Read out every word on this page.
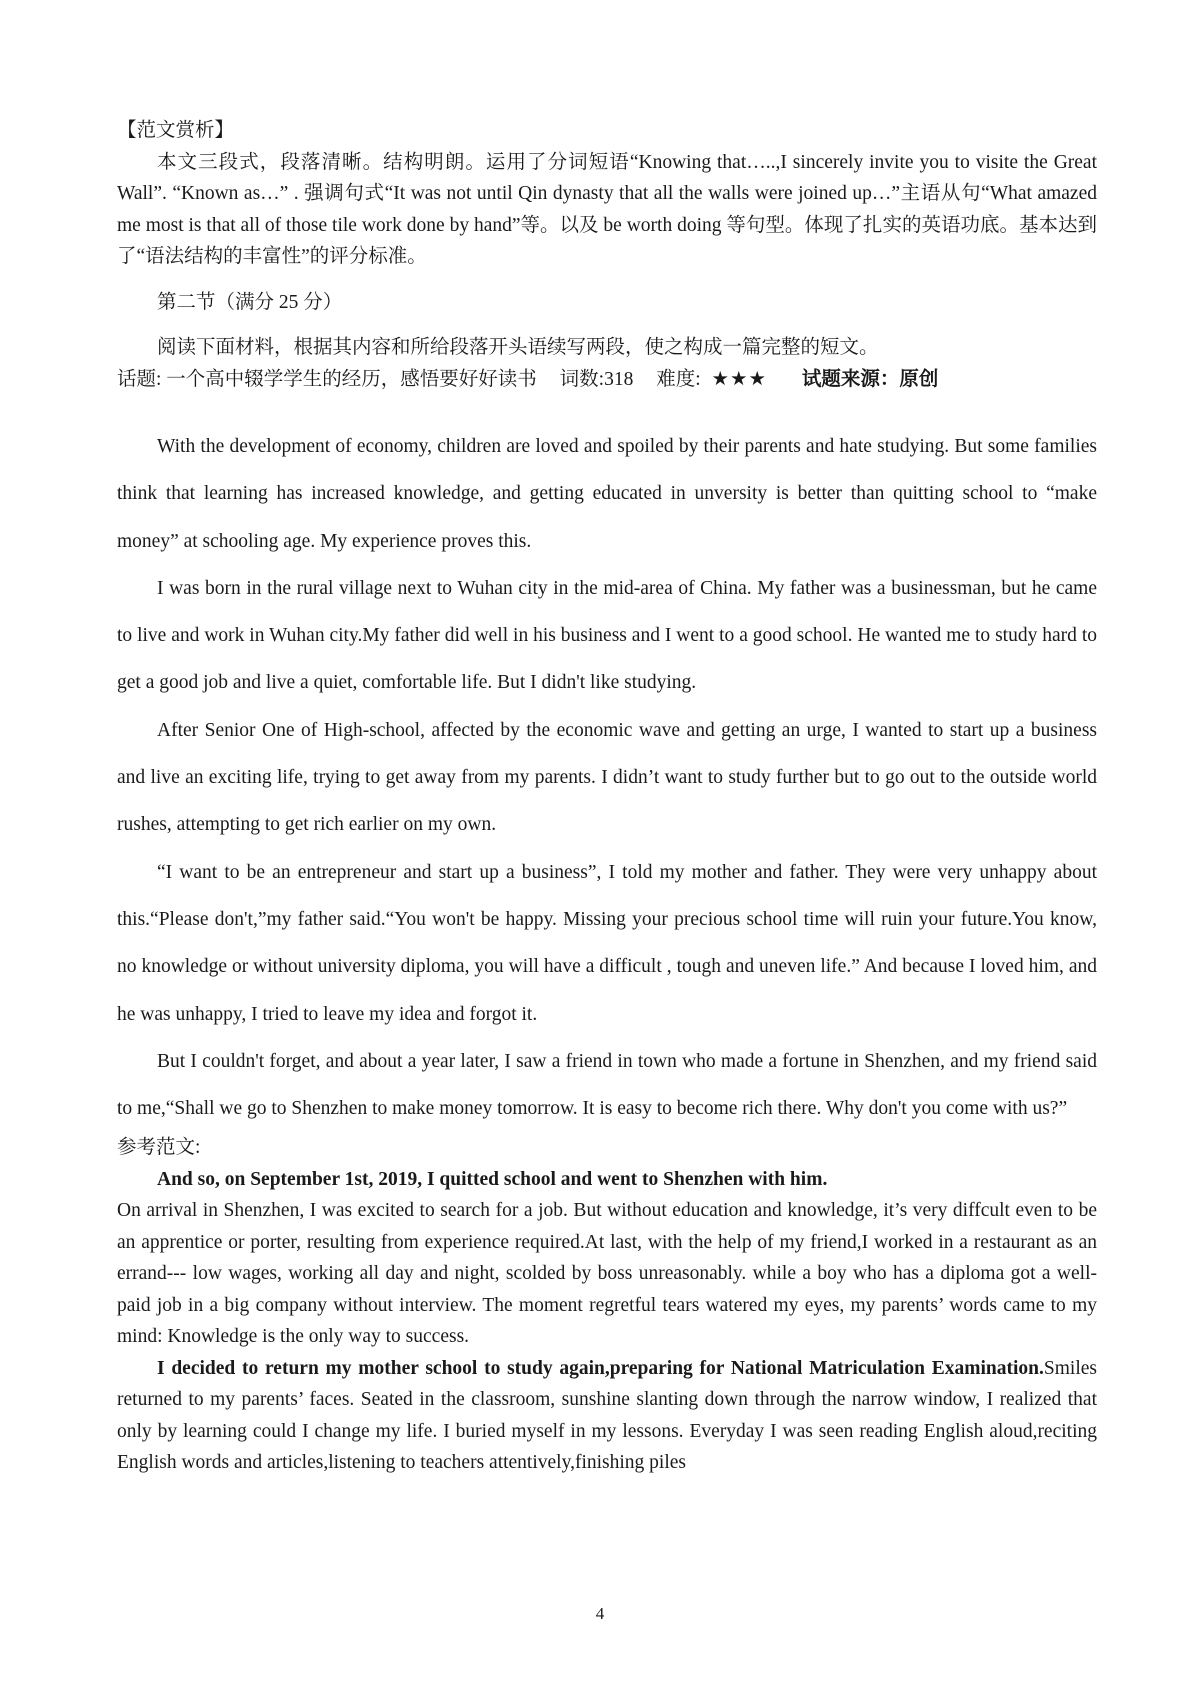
【范文赏析】

本文三段式，段落清晰。结构明朗。运用了分词短语“Knowing that…..,I sincerely invite you to visite the Great Wall”. “Known as…” . 强调句式“It was not until Qin dynasty that all the walls were joined up…”主语从句“What amazed me most is that all of those tile work done by hand”等。以及 be worth doing 等句型。体现了扎实的英语功底。基本达到了“语法结构的丰富性”的评分标准。

第二节（满分 25 分）

阅读下面材料，根据其内容和所给段落开头语续写两段，使之构成一篇完整的短文。

话题: 一个高中辍学学生的经历，感悟要好好读书 词数:318 难度: ★★★ 试题来源：原创

With the development of economy, children are loved and spoiled by their parents and hate studying. But some families think that learning has increased knowledge, and getting educated in unversity is better than quitting school to “make money” at schooling age. My experience proves this.

I was born in the rural village next to Wuhan city in the mid-area of China. My father was a businessman, but he came to live and work in Wuhan city.My father did well in his business and I went to a good school. He wanted me to study hard to get a good job and live a quiet, comfortable life. But I didn't like studying.

After Senior One of High-school, affected by the economic wave and getting an urge, I wanted to start up a business and live an exciting life, trying to get away from my parents. I didn’t want to study further but to go out to the outside world rushes, attempting to get rich earlier on my own.

“I want to be an entrepreneur and start up a business”, I told my mother and father. They were very unhappy about this.“Please don't,”my father said.“You won't be happy. Missing your precious school time will ruin your future.You know, no knowledge or without university diploma, you will have a difficult , tough and uneven life.” And because I loved him, and he was unhappy, I tried to leave my idea and forgot it.

But I couldn't forget, and about a year later, I saw a friend in town who made a fortune in Shenzhen, and my friend said to me,“Shall we go to Shenzhen to make money tomorrow. It is easy to become rich there. Why don't you come with us?”

参考范文:

And so, on September 1st, 2019, I quitted school and went to Shenzhen with him.

On arrival in Shenzhen, I was excited to search for a job. But without education and knowledge, it’s very diffcult even to be an apprentice or porter, resulting from experience required.At last, with the help of my friend,I worked in a restaurant as an errand--- low wages, working all day and night, scolded by boss unreasonably. while a boy who has a diploma got a well-paid job in a big company without interview. The moment regretful tears watered my eyes, my parents’ words came to my mind: Knowledge is the only way to success.

I decided to return my mother school to study again,preparing for National Matriculation Examination.Smiles returned to my parents’ faces. Seated in the classroom, sunshine slanting down through the narrow window, I realized that only by learning could I change my life. I buried myself in my lessons. Everyday I was seen reading English aloud,reciting English words and articles,listening to teachers attentively,finishing piles

4
